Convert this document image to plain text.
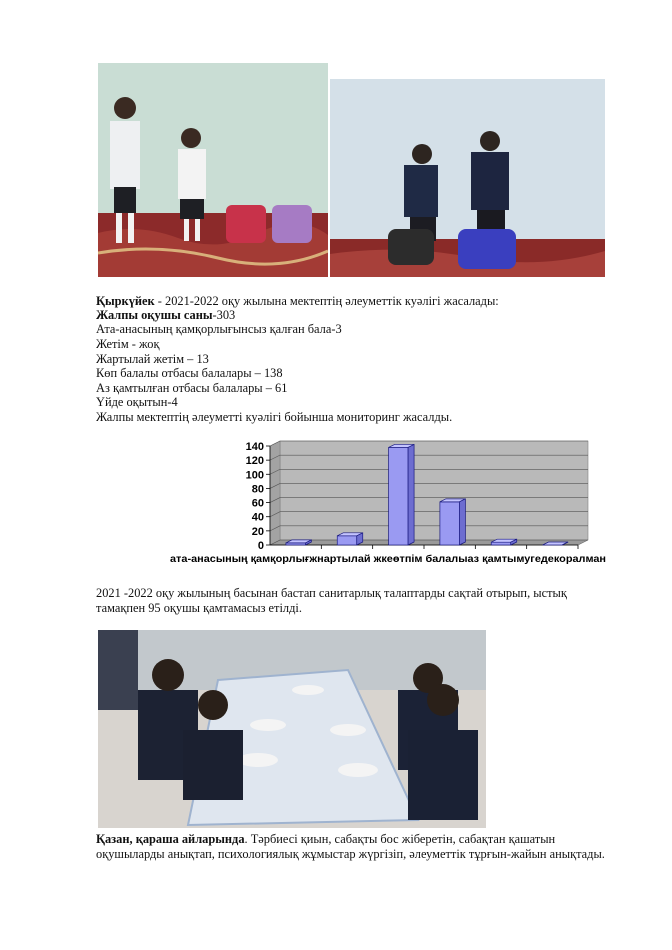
Қыркүйек - 2021-2022 оқу жылына мектептің әлеуметтік куәлігі жасалады:
Жалпы оқушы саны-303
Ата-анасының қамқорлығынсыз қалған бала-3
Жетім - жоқ
Жартылай жетім – 13
Көп балалы отбасы балалары – 138
Аз қамтылған отбасы балалары – 61
Үйде оқытын-4
Жалпы мектептің әлеуметті куәлігі бойынша мониторинг жасалды.
0
20
40
60
80
100
120
140
ата-анасының қамқорлығжнартылай жкеөтпім балалыаз қамтымугедекоралман
2021 -2022 оқу жылының басынан бастап санитарлық талаптарды сақтай отырып, ыстық тамақпен 95 оқушы қамтамасыз етілді.
Қазан, қараша айларында. Тәрбиесі қиын, сабақты бос жіберетін, сабақтан қашатын оқушыларды анықтап, психологиялық жұмыстар жүргізіп, әлеуметтік тұрғын-жайын анықтады.
